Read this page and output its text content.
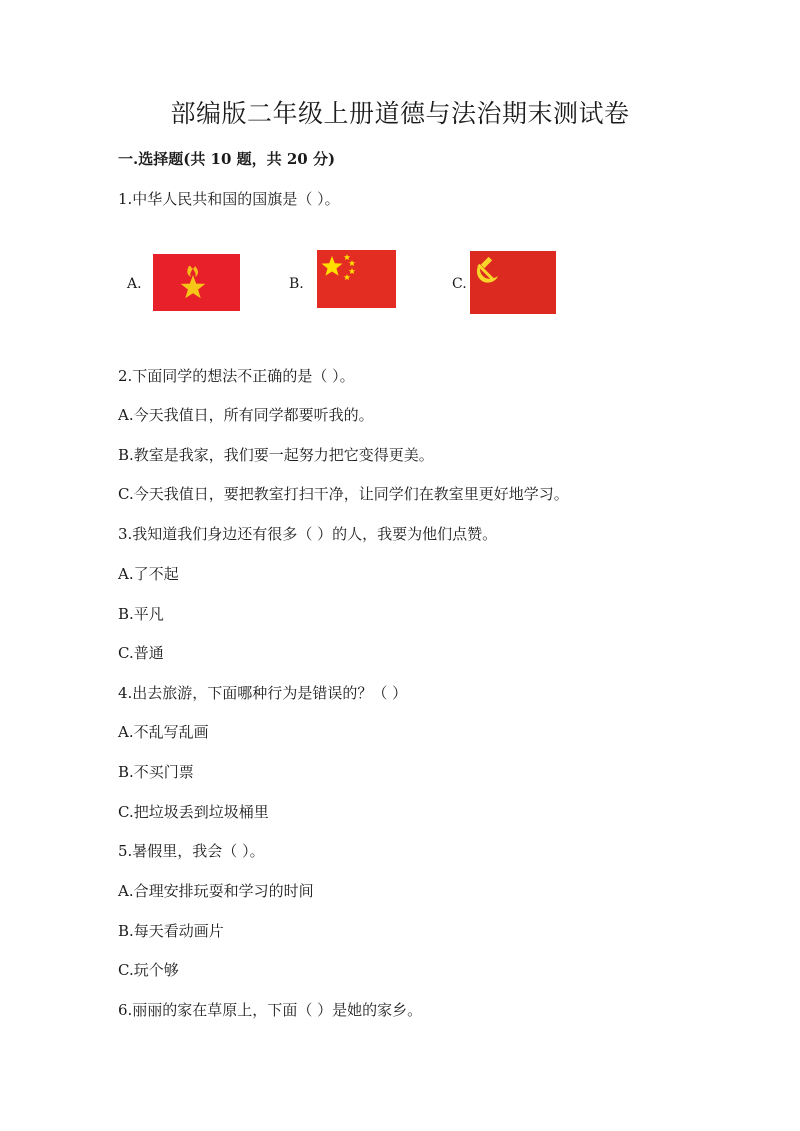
部编版二年级上册道德与法治期末测试卷
一.选择题(共 10 题，共 20 分)
1.中华人民共和国的国旗是（ ）。
A.	B.	C.
2.下面同学的想法不正确的是（ ）。
A.今天我值日，所有同学都要听我的。
B.教室是我家，我们要一起努力把它变得更美。
C.今天我值日，要把教室打扫干净，让同学们在教室里更好地学习。
3.我知道我们身边还有很多（ ）的人，我要为他们点赞。
A.了不起
B.平凡
C.普通
4.出去旅游，下面哪种行为是错误的？（ ）
A.不乱写乱画
B.不买门票
C.把垃圾丢到垃圾桶里
5.暑假里，我会（ ）。
A.合理安排玩耍和学习的时间
B.每天看动画片
C.玩个够
6.丽丽的家在草原上，下面（ ）是她的家乡。
